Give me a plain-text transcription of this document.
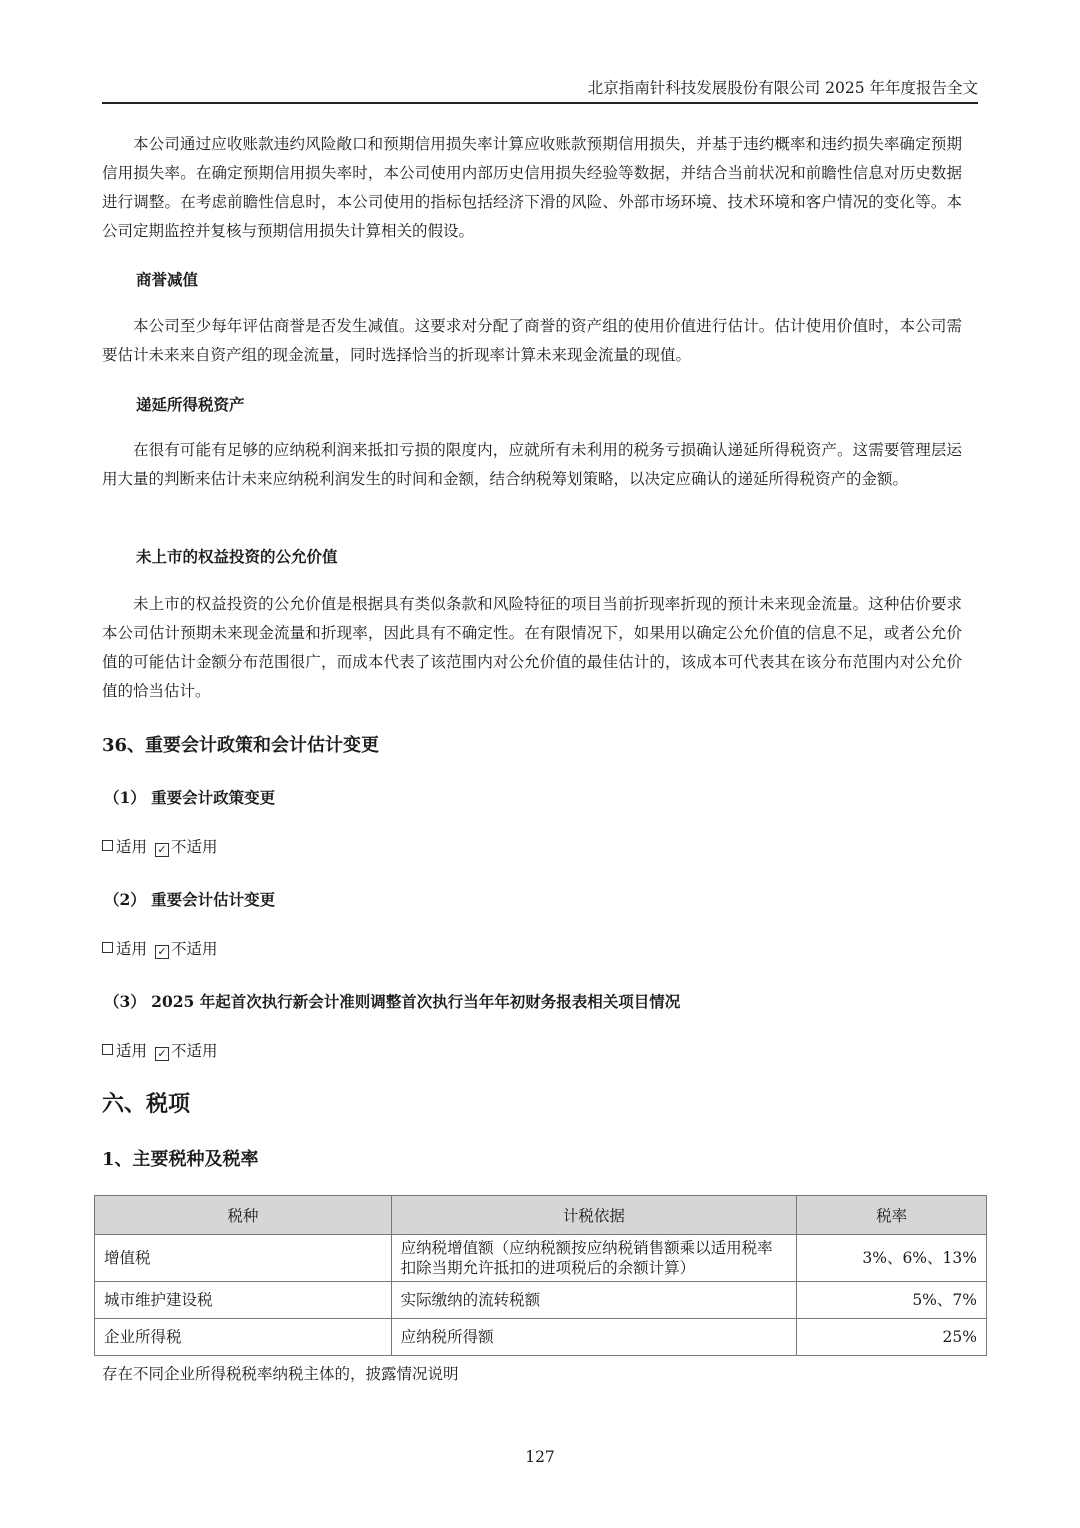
北京指南针科技发展股份有限公司 2025 年年度报告全文

本公司通过应收账款违约风险敞口和预期信用损失率计算应收账款预期信用损失，并基于违约概率和违约损失率确定预期信用损失率。在确定预期信用损失率时，本公司使用内部历史信用损失经验等数据，并结合当前状况和前瞻性信息对历史数据进行调整。在考虑前瞻性信息时，本公司使用的指标包括经济下滑的风险、外部市场环境、技术环境和客户情况的变化等。本公司定期监控并复核与预期信用损失计算相关的假设。

商誉减值

本公司至少每年评估商誉是否发生减值。这要求对分配了商誉的资产组的使用价值进行估计。估计使用价值时，本公司需要估计未来来自资产组的现金流量，同时选择恰当的折现率计算未来现金流量的现值。

递延所得税资产

在很有可能有足够的应纳税利润来抵扣亏损的限度内，应就所有未利用的税务亏损确认递延所得税资产。这需要管理层运用大量的判断来估计未来应纳税利润发生的时间和金额，结合纳税筹划策略，以决定应确认的递延所得税资产的金额。

未上市的权益投资的公允价值

未上市的权益投资的公允价值是根据具有类似条款和风险特征的项目当前折现率折现的预计未来现金流量。这种估价要求本公司估计预期未来现金流量和折现率，因此具有不确定性。在有限情况下，如果用以确定公允价值的信息不足，或者公允价值的可能估计金额分布范围很广，而成本代表了该范围内对公允价值的最佳估计的，该成本可代表其在该分布范围内对公允价值的恰当估计。

36、重要会计政策和会计估计变更
（1） 重要会计政策变更
适用 ✓ 不适用
（2） 重要会计估计变更
适用 ✓ 不适用
（3） 2025 年起首次执行新会计准则调整首次执行当年年初财务报表相关项目情况
适用 ✓ 不适用
六、税项
1、主要税种及税率
税种	计税依据	税率
增值税	应纳税增值额（应纳税额按应纳税销售额乘以适用税率扣除当期允许抵扣的进项税后的余额计算）	3%、6%、13%
城市维护建设税	实际缴纳的流转税额	5%、7%
企业所得税	应纳税所得额	25%
存在不同企业所得税税率纳税主体的，披露情况说明
127
